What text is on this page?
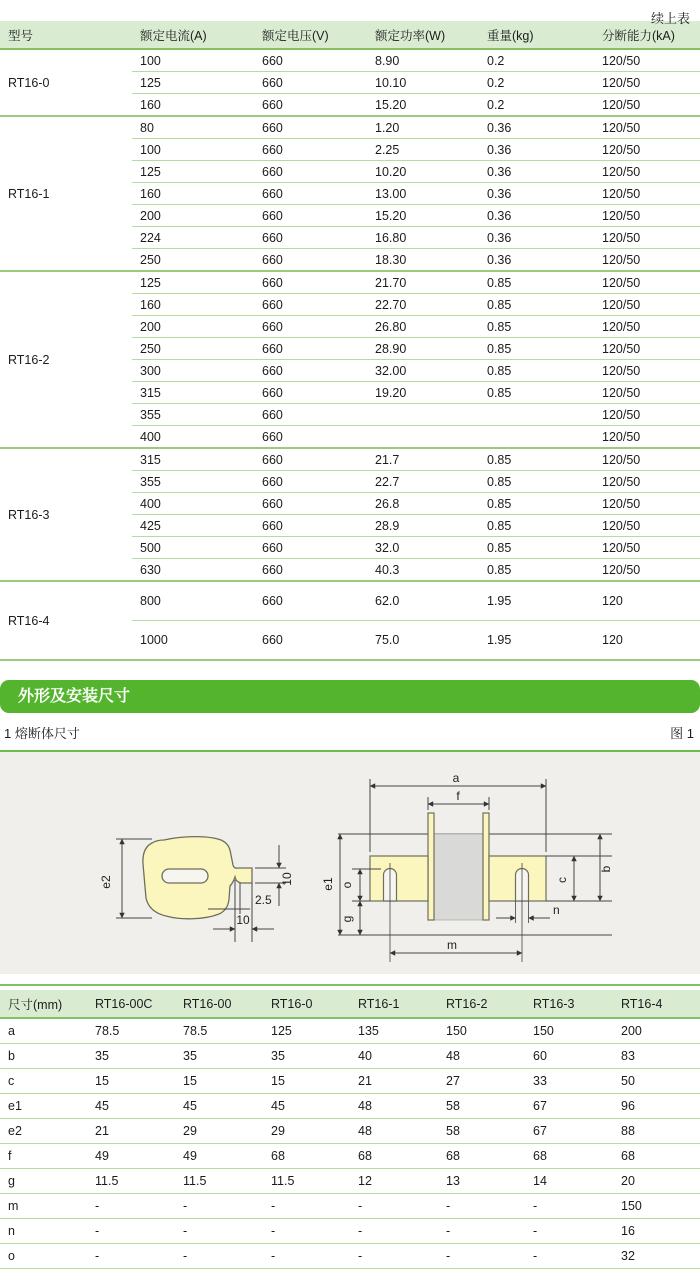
续上表
型号	额定电流(A)	额定电压(V)	额定功率(W)	重量(kg)	分断能力(kA)
RT16-0	100	660	8.90	0.2	120/50
	125	660	10.10	0.2	120/50
	160	660	15.20	0.2	120/50
RT16-1	80	660	1.20	0.36	120/50
	100	660	2.25	0.36	120/50
	125	660	10.20	0.36	120/50
	160	660	13.00	0.36	120/50
	200	660	15.20	0.36	120/50
	224	660	16.80	0.36	120/50
	250	660	18.30	0.36	120/50
RT16-2	125	660	21.70	0.85	120/50
	160	660	22.70	0.85	120/50
	200	660	26.80	0.85	120/50
	250	660	28.90	0.85	120/50
	300	660	32.00	0.85	120/50
	315	660	19.20	0.85	120/50
	355	660			120/50
	400	660			120/50
RT16-3	315	660	21.7	0.85	120/50
	355	660	22.7	0.85	120/50
	400	660	26.8	0.85	120/50
	425	660	28.9	0.85	120/50
	500	660	32.0	0.85	120/50
	630	660	40.3	0.85	120/50
RT16-4	800	660	62.0	1.95	120
	1000	660	75.0	1.95	120
外形及安装尺寸
1 熔断体尺寸	图 1
e2	10
2.5
10
a
f
e1 o
g
b
c
n
m
尺寸(mm)	RT16-00C	RT16-00	RT16-0	RT16-1	RT16-2	RT16-3	RT16-4
a	78.5	78.5	125	135	150	150	200
b	35	35	35	40	48	60	83
c	15	15	15	21	27	33	50
e1	45	45	45	48	58	67	96
e2	21	29	29	48	58	67	88
f	49	49	68	68	68	68	68
g	11.5	11.5	11.5	12	13	14	20
m	-	-	-	-	-	-	150
n	-	-	-	-	-	-	16
o	-	-	-	-	-	-	32
